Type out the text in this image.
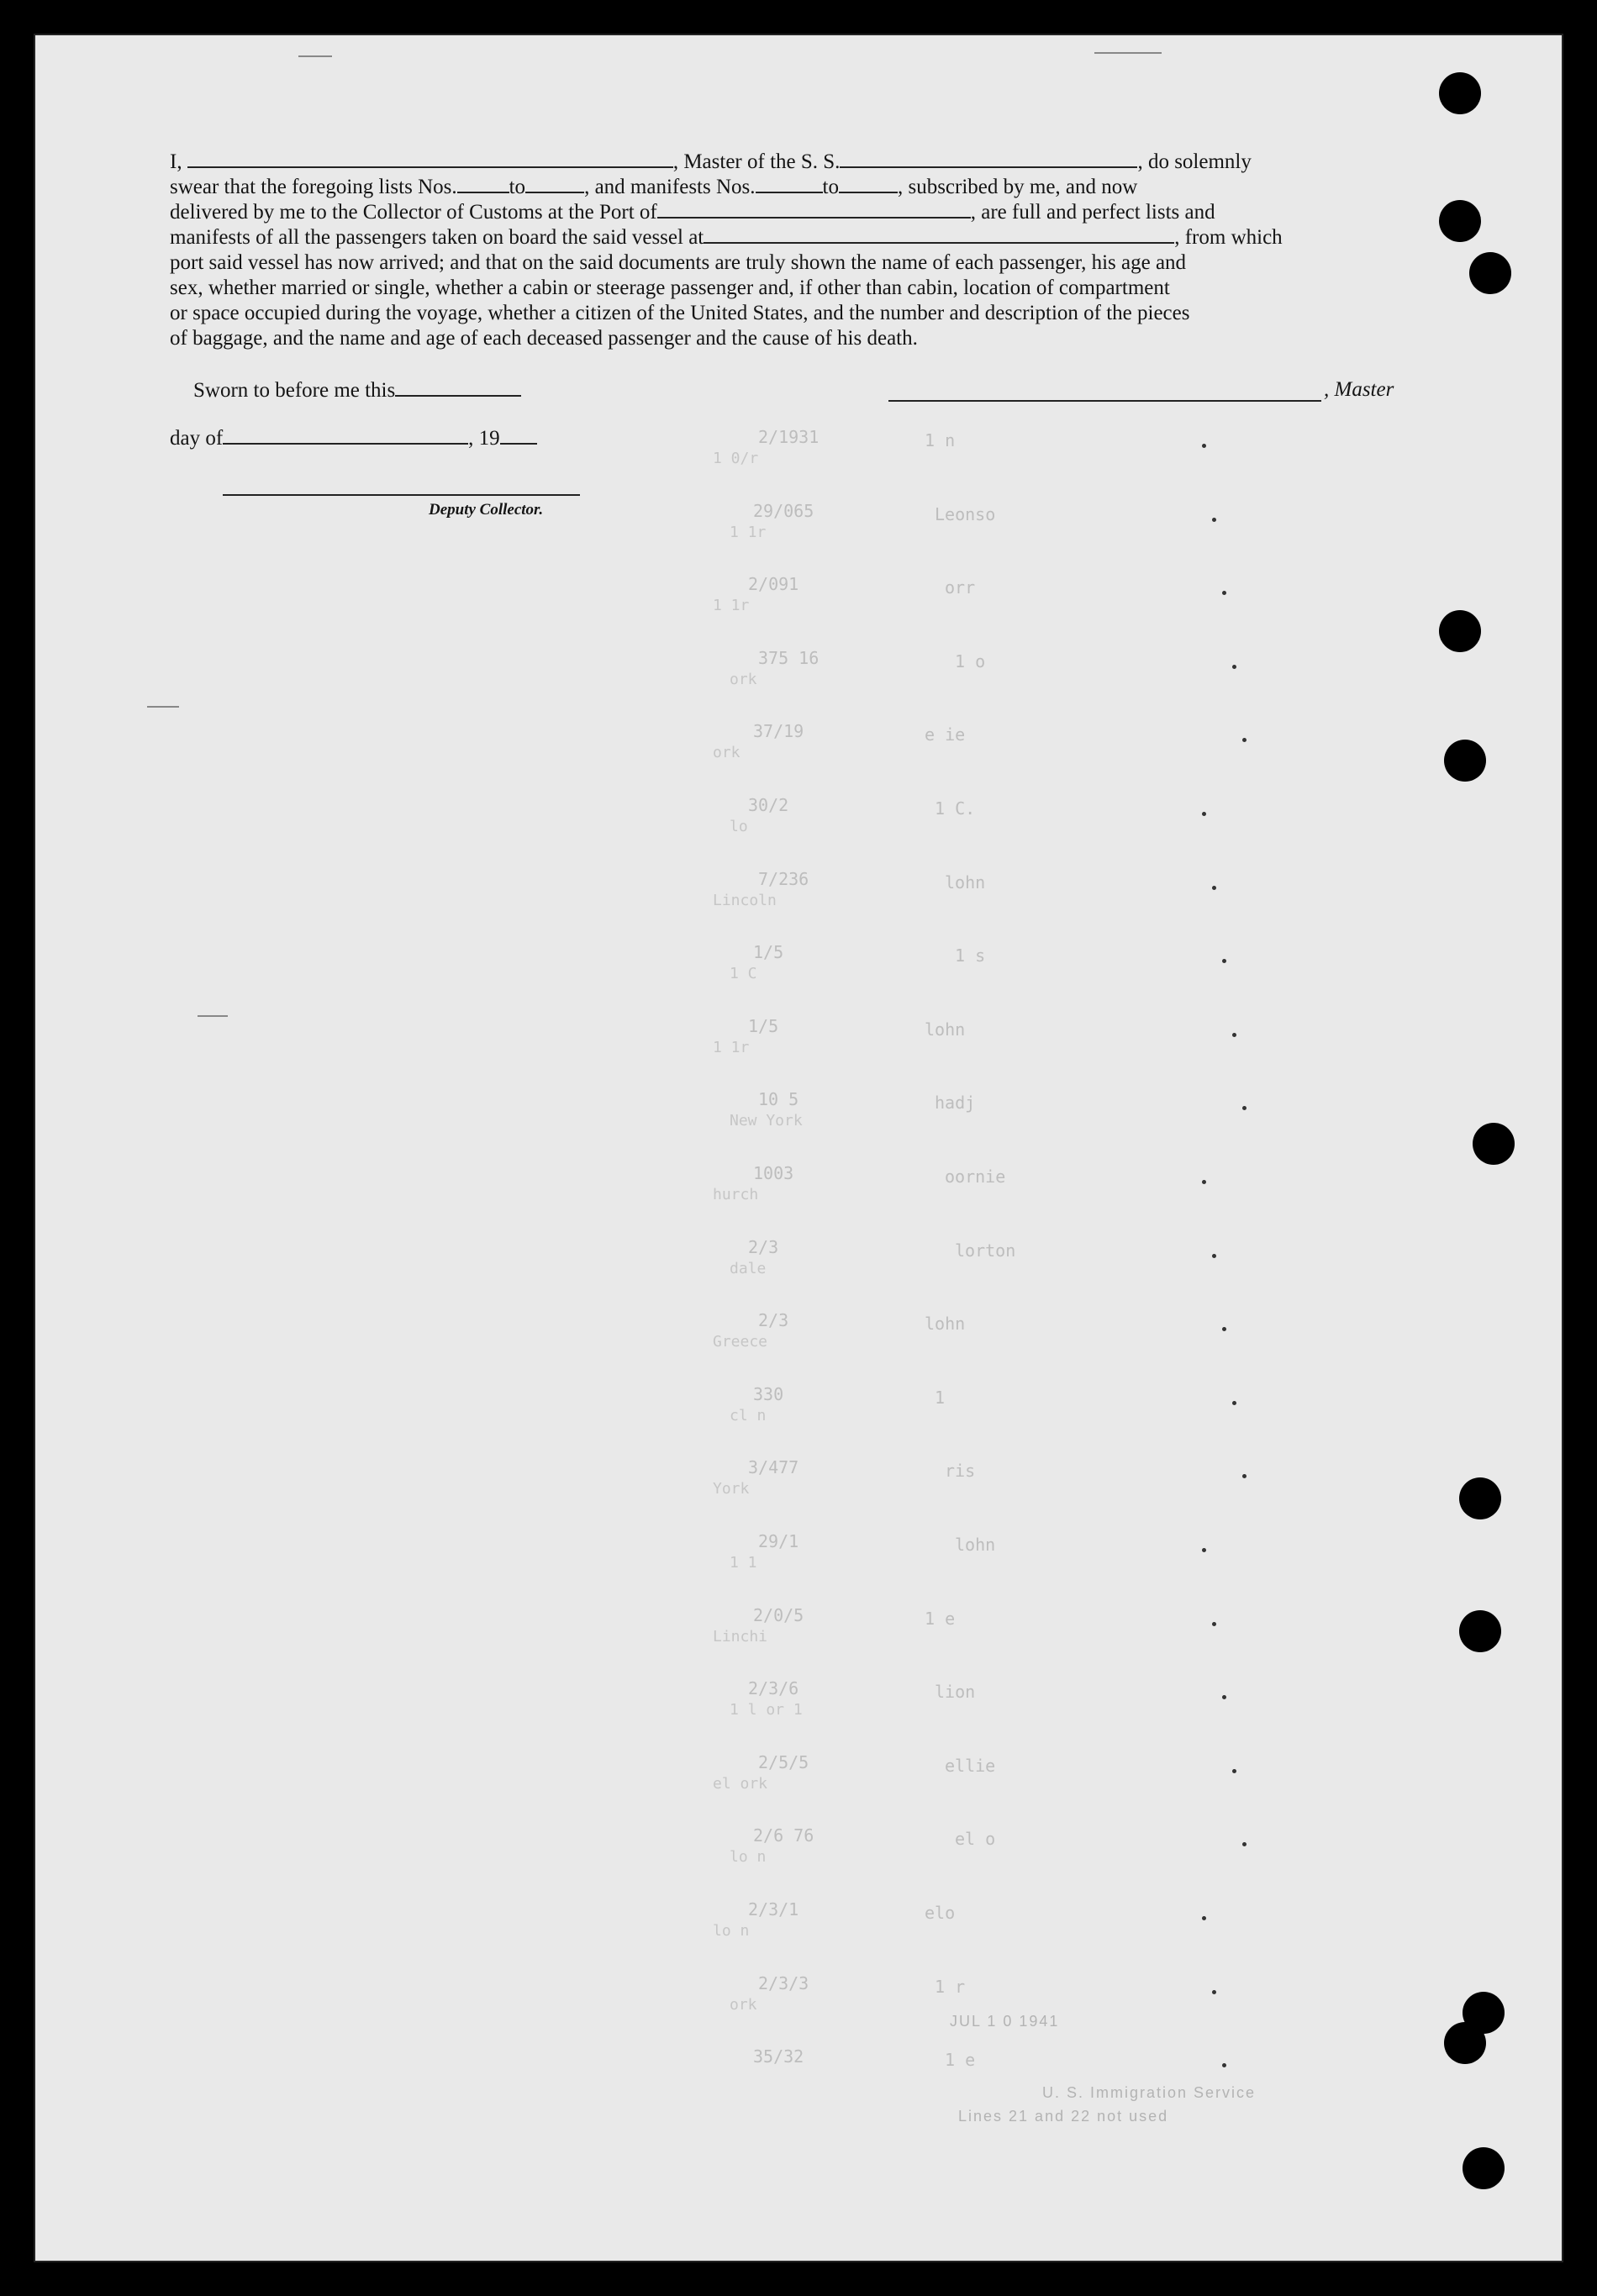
I,	, Master of the S. S.	, do solemnly
swear that the foregoing lists Nos. to	, and manifests Nos.	to	, subscribed by me, and now
delivered by me to the Collector of Customs at the Port of	, are full and perfect lists and
manifests of all the passengers taken on board the said vessel at	, from which
port said vessel has now arrived; and that on the said documents are truly shown the name of each passenger, his age and
sex, whether married or single, whether a cabin or steerage passenger and, if other than cabin, location of compartment
or space occupied during the voyage, whether a citizen of the United States, and the number and description of the pieces
of baggage, and the name and age of each deceased passenger and the cause of his death.
Sworn to before me this
day of	, 19
Deputy Collector.
, Master
2/1931	1 n
1 0/r
29/065	Leonso
1 1r
2/091	orr
1 1r
375 16	1 o
ork
37/19	e ie
ork
30/2	1 C.
lo
7/236	lohn
Lincoln
1/5	1 s
1 C
1/5	lohn
1 1r
10 5	hadj
New York
1003	oornie
hurch
2/3	lorton
dale
2/3	lohn
Greece
330	1
cl n
3/477	ris
York
29/1	lohn
1 1
2/0/5	1 e
Linchi
2/3/6	lion
1 l or 1
2/5/5	ellie
el ork
2/6 76	el o
lo n
2/3/1	elo
lo n
2/3/3	1 r
ork
35/32	1 e
JUL 1 0 1941
U. S. Immigration Service
Lines 21 and 22 not used
